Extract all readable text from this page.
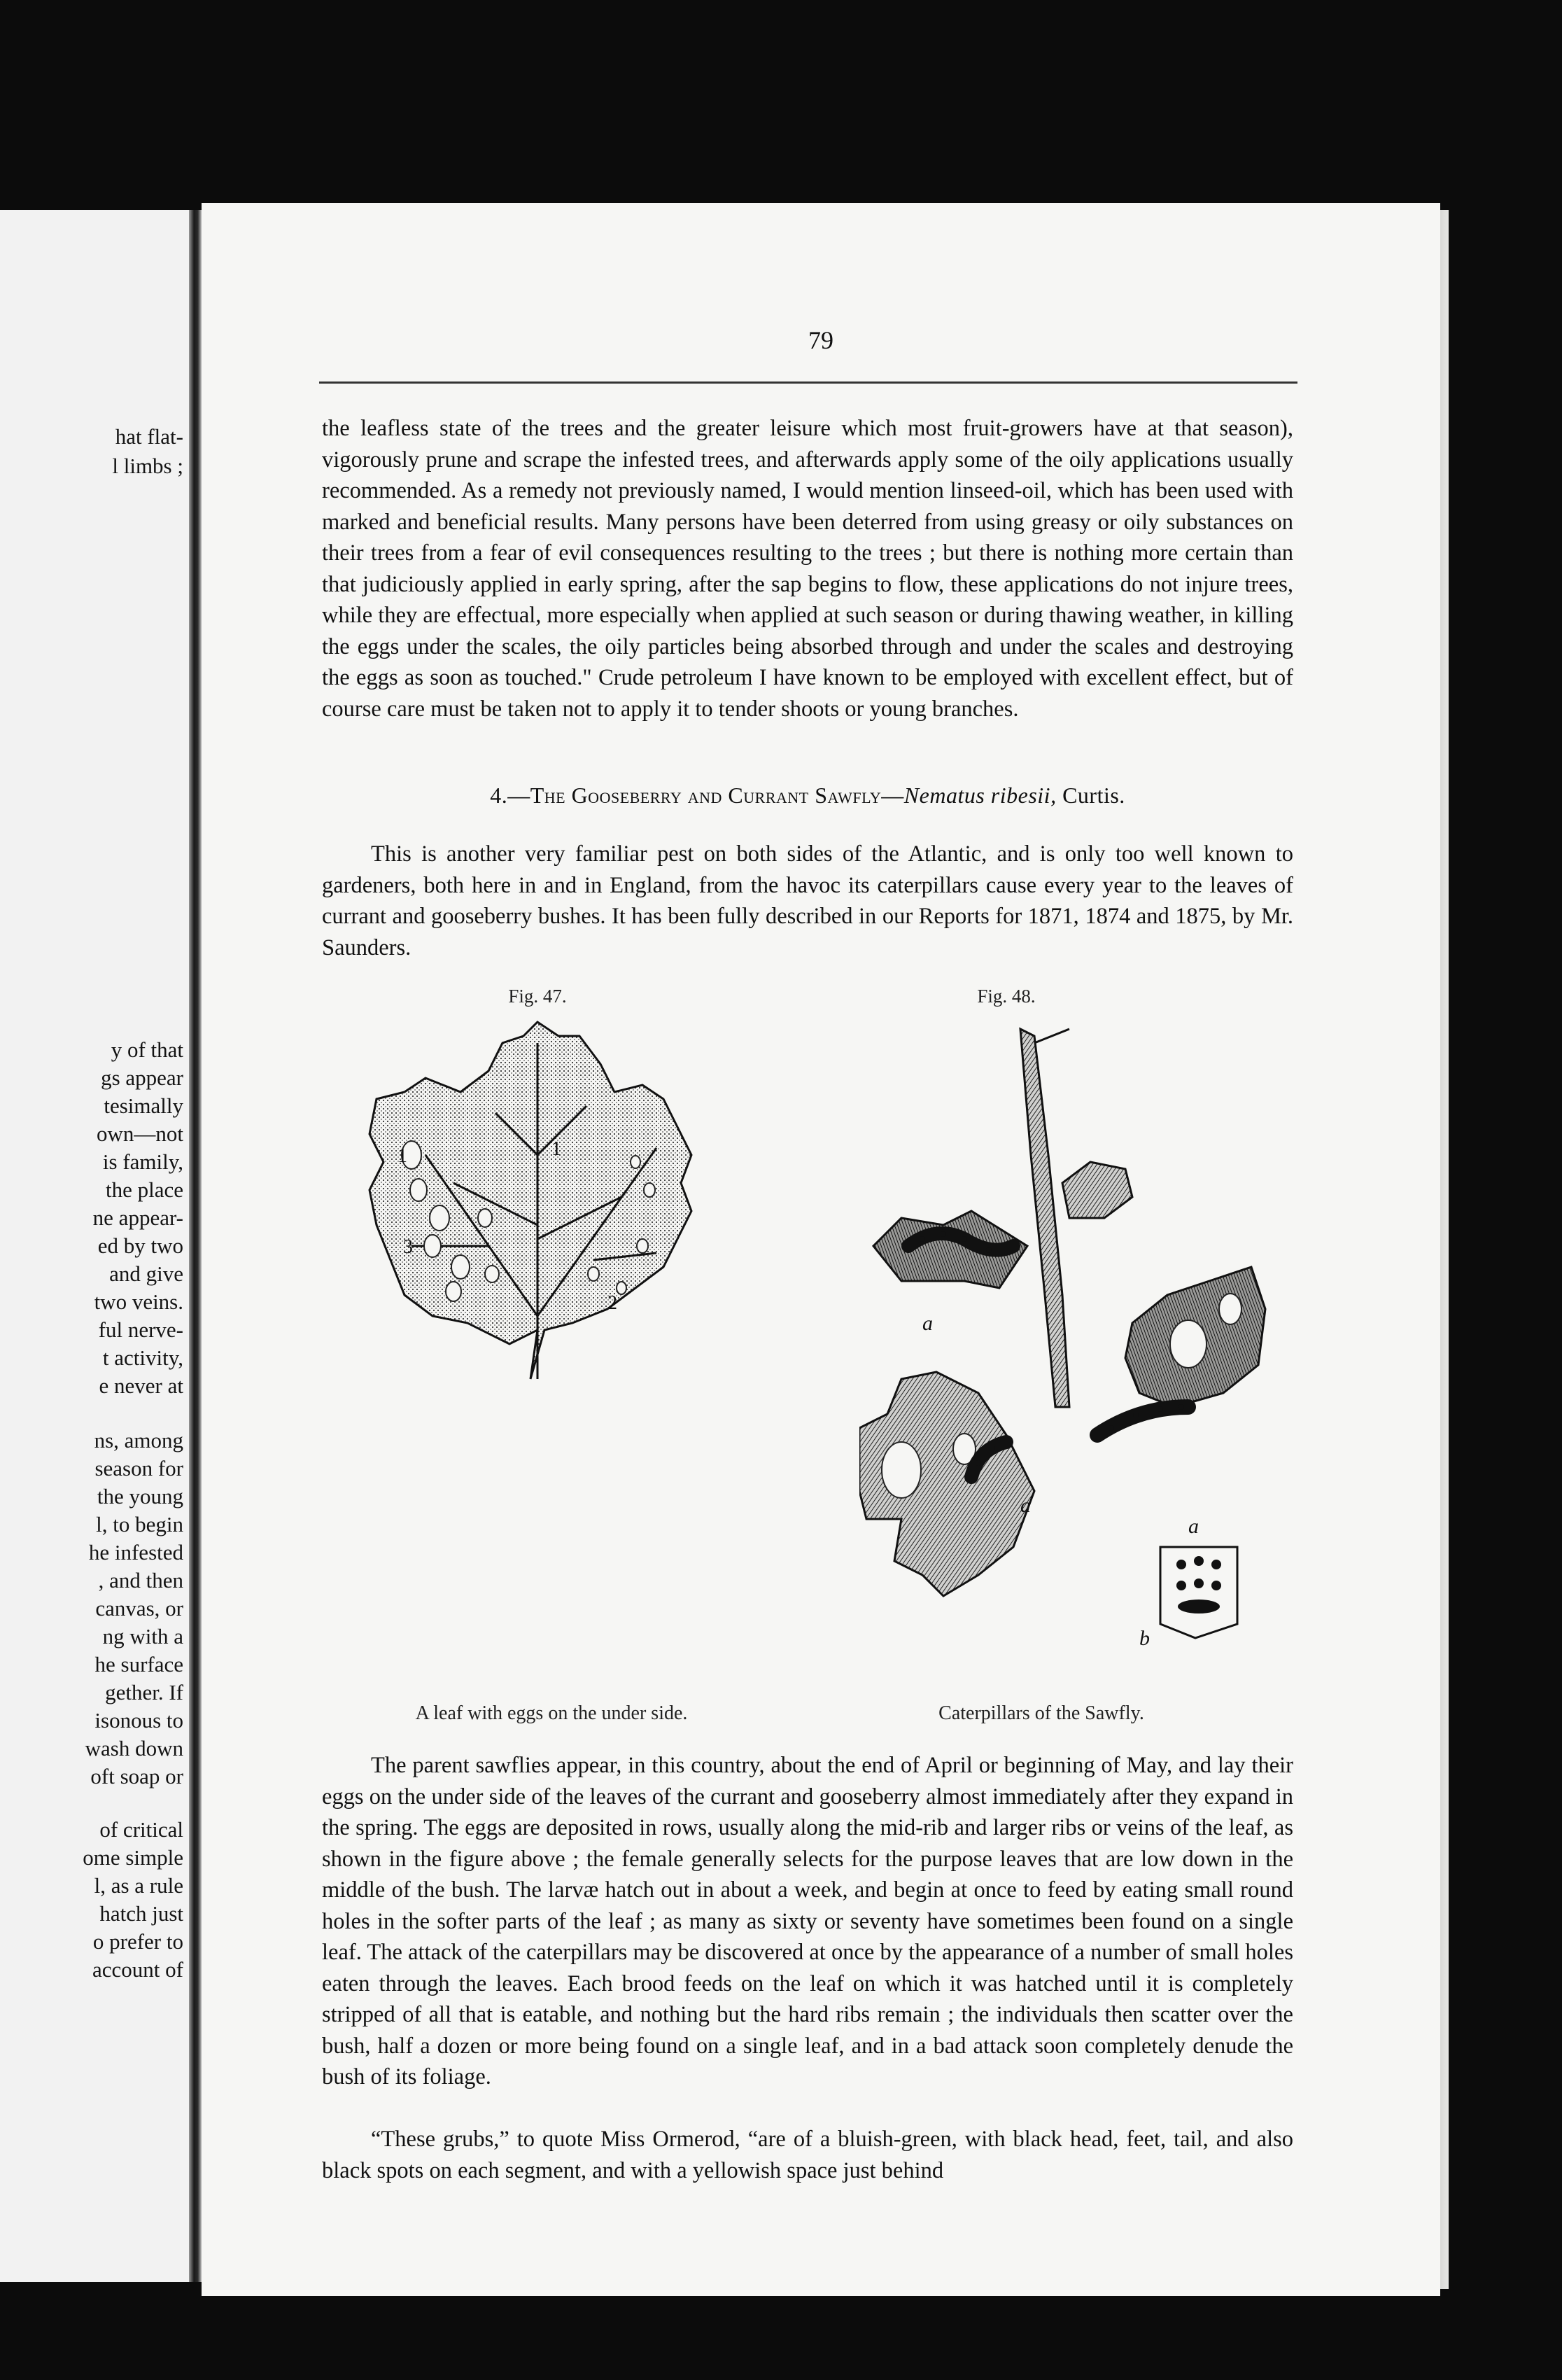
hat flat-
l limbs ;
y of that
gs appear
tesimally
own—not
is family,
the place
ne appear-
ed by two
and give
two veins.
ful nerve-
t activity,
e never at
ns, among
season for
the young
l, to begin
he infested
, and then
canvas, or
ng with a
he surface
gether. If
isonous to
wash down
oft soap or
of critical
ome simple
l, as a rule
hatch just
o prefer to
account of
79

the leafless state of the trees and the greater leisure which most fruit-growers have at that season), vigorously prune and scrape the infested trees, and afterwards apply some of the oily applications usually recommended. As a remedy not previously named, I would mention linseed-oil, which has been used with marked and beneficial results. Many persons have been deterred from using greasy or oily substances on their trees from a fear of evil consequences resulting to the trees ; but there is nothing more certain than that judiciously applied in early spring, after the sap begins to flow, these applications do not injure trees, while they are effectual, more especially when applied at such season or during thawing weather, in killing the eggs under the scales, the oily particles being absorbed through and under the scales and destroying the eggs as soon as touched." Crude petroleum I have known to be employed with excellent effect, but of course care must be taken not to apply it to tender shoots or young branches.

4.—The Gooseberry and Currant Sawfly—Nematus ribesii, Curtis.

This is another very familiar pest on both sides of the Atlantic, and is only too well known to gardeners, both here in and in England, from the havoc its caterpillars cause every year to the leaves of currant and gooseberry bushes. It has been fully described in our Reports for 1871, 1874 and 1875, by Mr. Saunders.

Fig. 47.
1	1
3
2
A leaf with eggs on the under side.
Fig. 48.
a
a
a
b
Caterpillars of the Sawfly.

The parent sawflies appear, in this country, about the end of April or beginning of May, and lay their eggs on the under side of the leaves of the currant and gooseberry almost immediately after they expand in the spring. The eggs are deposited in rows, usually along the mid-rib and larger ribs or veins of the leaf, as shown in the figure above ; the female generally selects for the purpose leaves that are low down in the middle of the bush. The larvæ hatch out in about a week, and begin at once to feed by eating small round holes in the softer parts of the leaf ; as many as sixty or seventy have sometimes been found on a single leaf. The attack of the caterpillars may be discovered at once by the appearance of a number of small holes eaten through the leaves. Each brood feeds on the leaf on which it was hatched until it is completely stripped of all that is eatable, and nothing but the hard ribs remain ; the individuals then scatter over the bush, half a dozen or more being found on a single leaf, and in a bad attack soon completely denude the bush of its foliage.

“These grubs,” to quote Miss Ormerod, “are of a bluish-green, with black head, feet, tail, and also black spots on each segment, and with a yellowish space just behind
